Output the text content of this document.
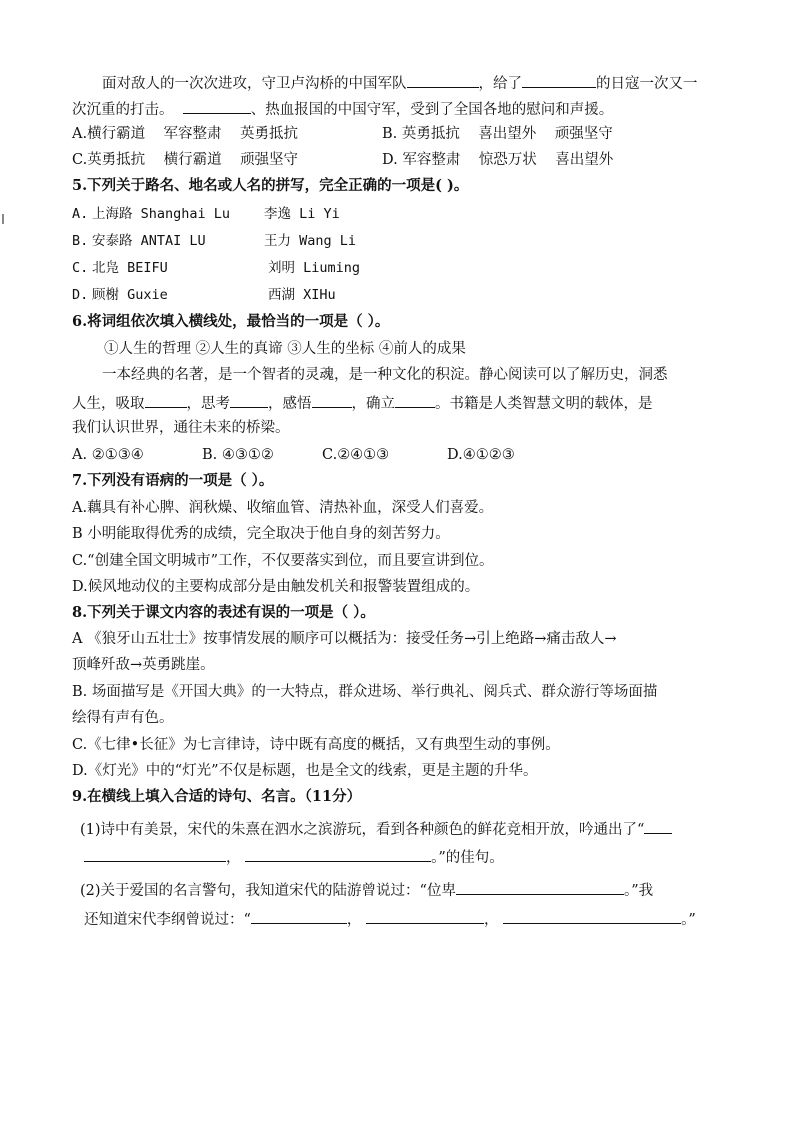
面对敌人的一次次进攻，守卫卢沟桥的中国军队	，给了	的日寇一次又一
次沉重的打击。	、热血报国的中国守军，受到了全国各地的慰问和声援。
A.横行霸道 军容整肃 英勇抵抗	B. 英勇抵抗 喜出望外 顽强坚守
C.英勇抵抗 横行霸道 顽强坚守	D. 军容整肃 惊恐万状 喜出望外
5.下列关于路名、地名或人名的拼写，完全正确的一项是( )。
A. 上海路 Shanghai Lu	李逸 Li Yi
B. 安泰路 ANTAI LU	王力 Wang Li
C. 北凫 BEIFU	刘明 Liuming
D. 顾榭 Guxie	西湖 XIHu
6.将词组依次填入横线处，最恰当的一项是（ ）。
①人生的哲理 ②人生的真谛 ③人生的坐标 ④前人的成果
一本经典的名著，是一个智者的灵魂，是一种文化的积淀。静心阅读可以了解历史，洞悉
人生，吸取	，思考	，感悟	，确立	。书籍是人类智慧文明的载体，是
我们认识世界，通往未来的桥梁。
A. ②①③④	B. ④③①②	C.②④①③	D.④①②③
7.下列没有语病的一项是（ ）。
A.藕具有补心脾、润秋燥、收缩血管、清热补血，深受人们喜爱。
B 小明能取得优秀的成绩，完全取决于他自身的刻苦努力。
C.“创建全国文明城市”工作，不仅要落实到位，而且要宣讲到位。
D.候风地动仪的主要构成部分是由触发机关和报警装置组成的。
8.下列关于课文内容的表述有误的一项是（ ）。
A 《狼牙山五壮士》按事情发展的顺序可以概括为：接受任务→引上绝路→痛击敌人→
顶峰歼敌→英勇跳崖。
B. 场面描写是《开国大典》的一大特点，群众进场、举行典礼、阅兵式、群众游行等场面描
绘得有声有色。
C.《七律•长征》为七言律诗，诗中既有高度的概括，又有典型生动的事例。
D.《灯光》中的“灯光”不仅是标题，也是全文的线索，更是主题的升华。
9.在横线上填入合适的诗句、名言。（11分）
(1)诗中有美景，宋代的朱熹在泗水之滨游玩，看到各种颜色的鲜花竞相开放，吟通出了“
，	。”的佳句。
(2)关于爱国的名言警句，我知道宋代的陆游曾说过：“位卑	。”我
还知道宋代李纲曾说过：“	，	，	。”
